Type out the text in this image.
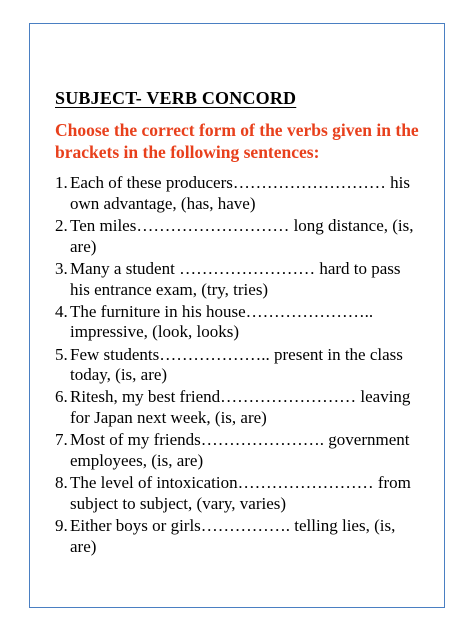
SUBJECT- VERB CONCORD

Choose the correct form of the verbs given in the brackets in the following sentences:

1. Each of these producers……………………… his
own advantage, (has, have)
2. Ten miles……………………… long distance, (is,
are)
3. Many a student …………………… hard to pass
his entrance exam, (try, tries)
4. The furniture in his house…………………..
impressive, (look, looks)
5. Few students……………….. present in the class
today, (is, are)
6. Ritesh, my best friend…………………… leaving
for Japan next week, (is, are)
7. Most of my friends…………………. government
employees, (is, are)
8. The level of intoxication…………………… from
subject to subject, (vary, varies)
9. Either boys or girls……………. telling lies, (is,
are)
